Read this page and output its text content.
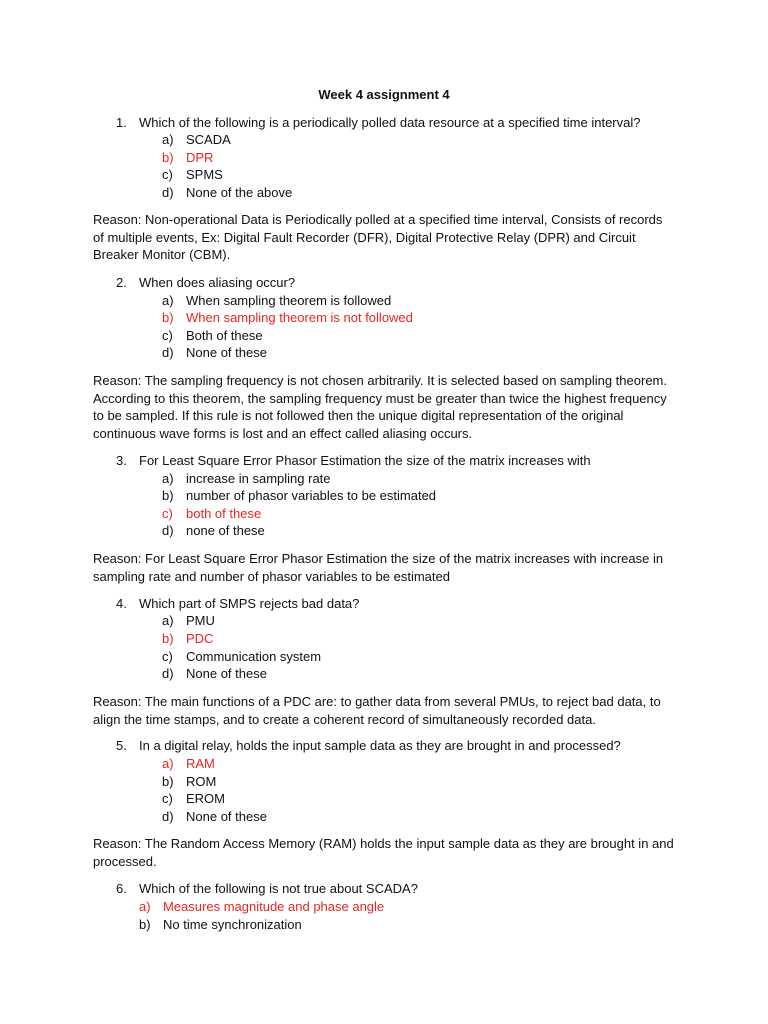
Week 4 assignment 4
1. Which of the following is a periodically polled data resource at a specified time interval?
a) SCADA
b) DPR
c) SPMS
d) None of the above
Reason: Non-operational Data is Periodically polled at a specified time interval, Consists of records
of multiple events, Ex: Digital Fault Recorder (DFR), Digital Protective Relay (DPR) and Circuit
Breaker Monitor (CBM).
2. When does aliasing occur?
a) When sampling theorem is followed
b) When sampling theorem is not followed
c) Both of these
d) None of these
Reason: The sampling frequency is not chosen arbitrarily. It is selected based on sampling theorem.
According to this theorem, the sampling frequency must be greater than twice the highest frequency
to be sampled. If this rule is not followed then the unique digital representation of the original
continuous wave forms is lost and an effect called aliasing occurs.
3. For Least Square Error Phasor Estimation the size of the matrix increases with
a) increase in sampling rate
b) number of phasor variables to be estimated
c) both of these
d) none of these
Reason: For Least Square Error Phasor Estimation the size of the matrix increases with increase in
sampling rate and number of phasor variables to be estimated
4. Which part of SMPS rejects bad data?
a) PMU
b) PDC
c) Communication system
d) None of these
Reason: The main functions of a PDC are: to gather data from several PMUs, to reject bad data, to
align the time stamps, and to create a coherent record of simultaneously recorded data.
5. In a digital relay, holds the input sample data as they are brought in and processed?
a) RAM
b) ROM
c) EROM
d) None of these
Reason: The Random Access Memory (RAM) holds the input sample data as they are brought in and
processed.
6. Which of the following is not true about SCADA?
a) Measures magnitude and phase angle
b) No time synchronization
